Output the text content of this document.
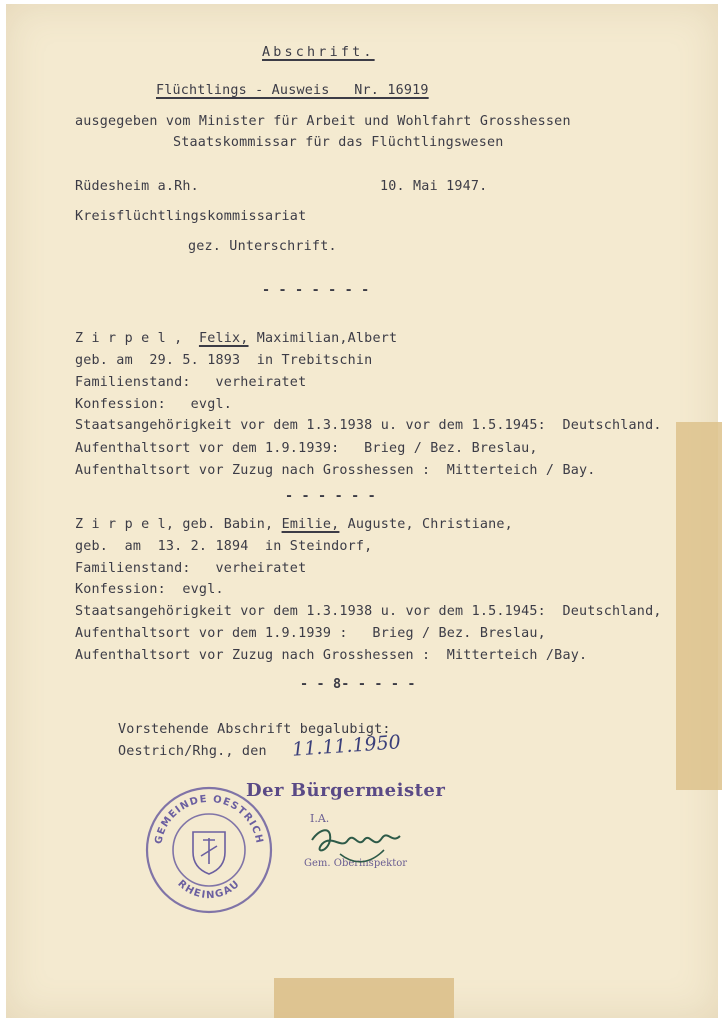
Abschrift.

Flüchtlings - Ausweis   Nr. 16919

ausgegeben vom Minister für Arbeit und Wohlfahrt Grosshessen

Staatskommissar für das Flüchtlingswesen

Rüdesheim a.Rh.	10. Mai 1947.

Kreisflüchtlingskommissariat

gez. Unterschrift.

- - - - - - -

Z i r p e l , Felix, Maximilian,Albert

geb. am  29. 5. 1893  in Trebitschin

Familienstand:   verheiratet

Konfession:   evgl.

Staatsangehörigkeit vor dem 1.3.1938 u. vor dem 1.5.1945:  Deutschland.

Aufenthaltsort vor dem 1.9.1939:   Brieg / Bez. Breslau,

Aufenthaltsort vor Zuzug nach Grosshessen :  Mitterteich / Bay.

- - - - - -

Z i r p e l, geb. Babin, Emilie, Auguste, Christiane,

geb.  am  13. 2. 1894  in Steindorf,

Familienstand:   verheiratet

Konfession:  evgl.

Staatsangehörigkeit vor dem 1.3.1938 u. vor dem 1.5.1945:  Deutschland,

Aufenthaltsort vor dem 1.9.1939 :   Brieg / Bez. Breslau,

Aufenthaltsort vor Zuzug nach Grosshessen :  Mitterteich /Bay.

- - 8- - - - -

Vorstehende Abschrift begalubigt:

Oestrich/Rhg., den 11.11.1950
Der Bürgermeister
I.A.
Gem. Oberinspektor
GEMEINDE OESTRICH
RHEINGAU
